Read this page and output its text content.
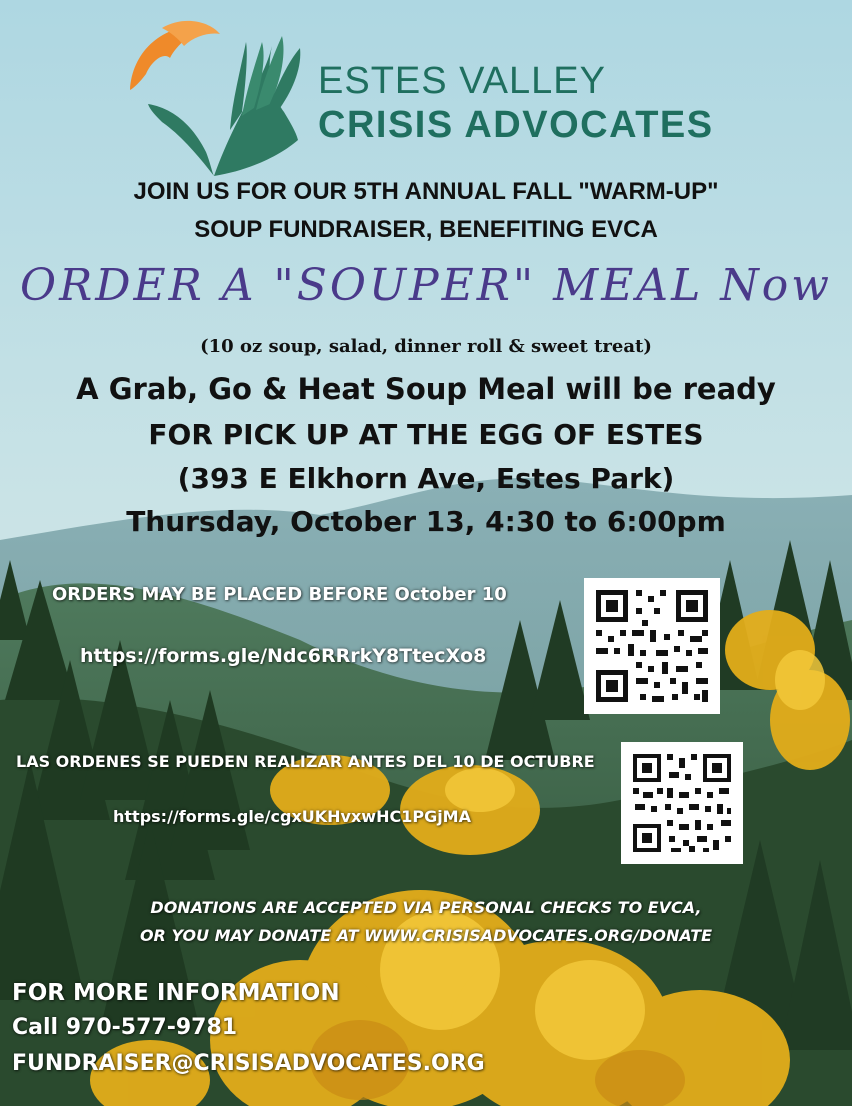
ESTES VALLEY
CRISIS ADVOCATES
JOIN US FOR OUR 5TH ANNUAL FALL "WARM-UP"
SOUP FUNDRAISER, BENEFITING EVCA
ORDER A "SOUPER" MEAL Now
(10 oz soup, salad, dinner roll & sweet treat)
A Grab, Go & Heat Soup Meal will be ready
FOR PICK UP AT THE EGG OF ESTES
(393 E Elkhorn Ave, Estes Park)
Thursday, October 13, 4:30 to 6:00pm
ORDERS MAY BE PLACED BEFORE October 10
https://forms.gle/Ndc6RRrkY8TtecXo8
LAS ORDENES SE PUEDEN REALIZAR ANTES DEL 10 DE OCTUBRE
https://forms.gle/cgxUKHvxwHC1PGjMA
DONATIONS ARE ACCEPTED VIA PERSONAL CHECKS TO EVCA,
OR YOU MAY DONATE AT WWW.CRISISADVOCATES.ORG/DONATE
FOR MORE INFORMATION
Call 970-577-9781
FUNDRAISER@CRISISADVOCATES.ORG
